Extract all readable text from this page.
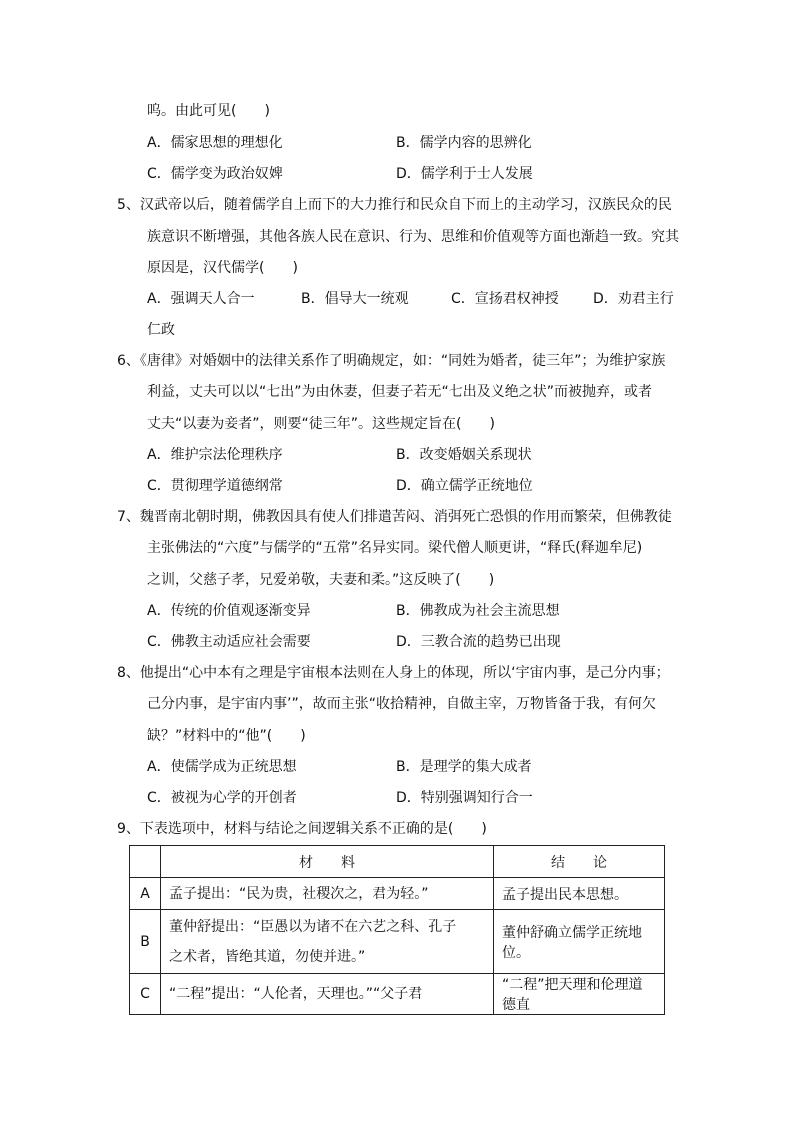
呜。由此可见(　　)
A．儒家思想的理想化	B．儒学内容的思辨化
C．儒学变为政治奴婢	D．儒学利于士人发展
5、汉武帝以后，随着儒学自上而下的大力推行和民众自下而上的主动学习，汉族民众的民
族意识不断增强，其他各族人民在意识、行为、思维和价值观等方面也渐趋一致。究其
原因是，汉代儒学(　　)
A．强调天人合一	B．倡导大一统观	C．宣扬君权神授 D．劝君主行
仁政
6、《唐律》对婚姻中的法律关系作了明确规定，如：“同姓为婚者，徒三年”；为维护家族
利益，丈夫可以以“七出”为由休妻，但妻子若无“七出及义绝之状”而被抛弃，或者
丈夫“以妻为妾者”，则要“徒三年”。这些规定旨在(　　)
A．维护宗法伦理秩序	B．改变婚姻关系现状
C．贯彻理学道德纲常	D．确立儒学正统地位
7、魏晋南北朝时期，佛教因具有使人们排遣苦闷、消弭死亡恐惧的作用而繁荣，但佛教徒
主张佛法的“六度”与儒学的“五常”名异实同。梁代僧人顺更讲，“释氏(释迦牟尼)
之训，父慈子孝，兄爱弟敬，夫妻和柔。”这反映了(　　)
A．传统的价值观逐渐变异	B．佛教成为社会主流思想
C．佛教主动适应社会需要	D．三教合流的趋势已出现
8、他提出“心中本有之理是宇宙根本法则在人身上的体现，所以‘宇宙内事，是己分内事；
己分内事，是宇宙内事’”，故而主张“收拾精神，自做主宰，万物皆备于我，有何欠
缺？”材料中的“他”(　　)
A．使儒学成为正统思想	B．是理学的集大成者
C．被视为心学的开创者	D．特别强调知行合一
9、下表选项中，材料与结论之间逻辑关系不正确的是(　　)
	材　　料	结　　论
A	孟子提出：“民为贵，社稷次之，君为轻。”	孟子提出民本思想。
B	董仲舒提出：“臣愚以为诸不在六艺之科、孔子
之术者，皆绝其道，勿使并进。”	董仲舒确立儒学正统地位。
C	“二程”提出：“人伦者，天理也。”“父子君	“二程”把天理和伦理道德直
